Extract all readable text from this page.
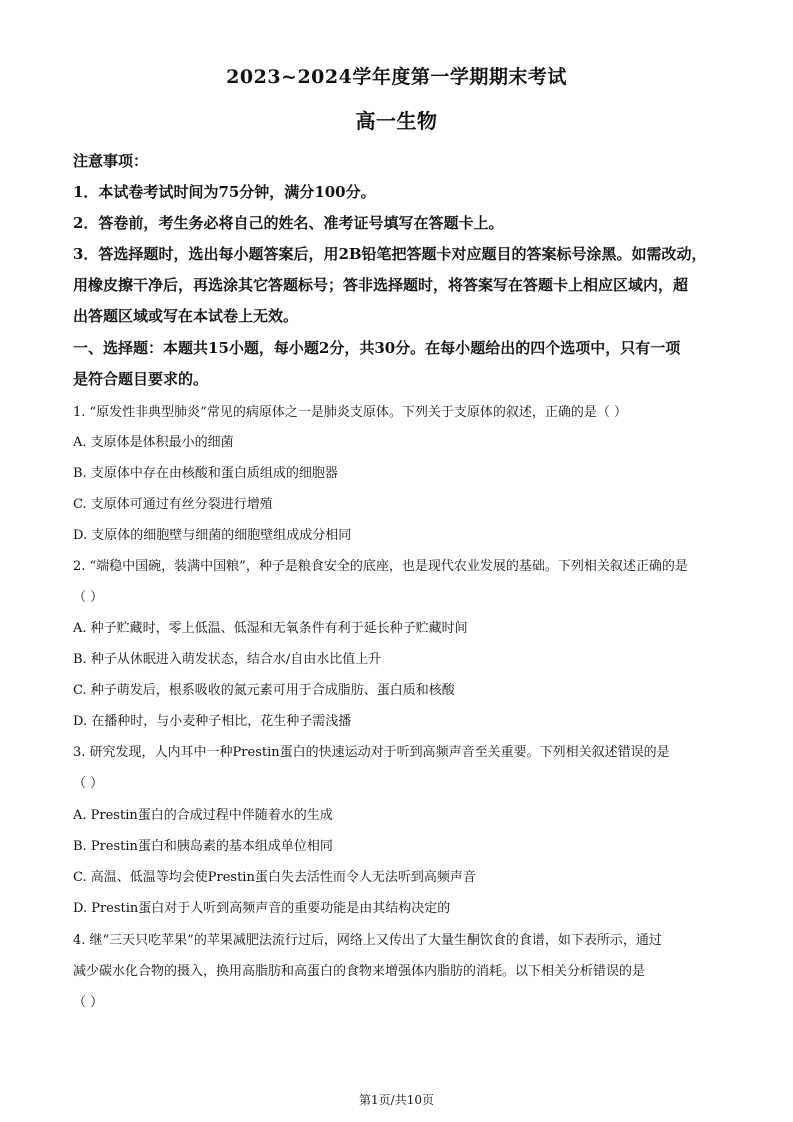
2023~2024学年度第一学期期末考试
高一生物
注意事项：
1．本试卷考试时间为75分钟，满分100分。
2．答卷前，考生务必将自己的姓名、准考证号填写在答题卡上。
3．答选择题时，选出每小题答案后，用2B铅笔把答题卡对应题目的答案标号涂黑。如需改动，
用橡皮擦干净后，再选涂其它答题标号；答非选择题时，将答案写在答题卡上相应区域内，超
出答题区域或写在本试卷上无效。
一、选择题：本题共15小题，每小题2分，共30分。在每小题给出的四个选项中，只有一项
是符合题目要求的。
1. “原发性非典型肺炎”常见的病原体之一是肺炎支原体。下列关于支原体的叙述，正确的是（ ）
A. 支原体是体积最小的细菌
B. 支原体中存在由核酸和蛋白质组成的细胞器
C. 支原体可通过有丝分裂进行增殖
D. 支原体的细胞壁与细菌的细胞壁组成成分相同
2. “端稳中国碗，装满中国粮”，种子是粮食安全的底座，也是现代农业发展的基础。下列相关叙述正确的是
（ ）
A. 种子贮藏时，零上低温、低湿和无氧条件有利于延长种子贮藏时间
B. 种子从休眠进入萌发状态，结合水/自由水比值上升
C. 种子萌发后，根系吸收的氮元素可用于合成脂肪、蛋白质和核酸
D. 在播种时，与小麦种子相比，花生种子需浅播
3. 研究发现，人内耳中一种Prestin蛋白的快速运动对于听到高频声音至关重要。下列相关叙述错误的是
（ ）
A. Prestin蛋白的合成过程中伴随着水的生成
B. Prestin蛋白和胰岛素的基本组成单位相同
C. 高温、低温等均会使Prestin蛋白失去活性而令人无法听到高频声音
D. Prestin蛋白对于人听到高频声音的重要功能是由其结构决定的
4. 继“三天只吃苹果”的苹果减肥法流行过后，网络上又传出了大量生酮饮食的食谱，如下表所示，通过
减少碳水化合物的摄入，换用高脂肪和高蛋白的食物来增强体内脂肪的消耗。以下相关分析错误的是
（ ）
第1页/共10页
